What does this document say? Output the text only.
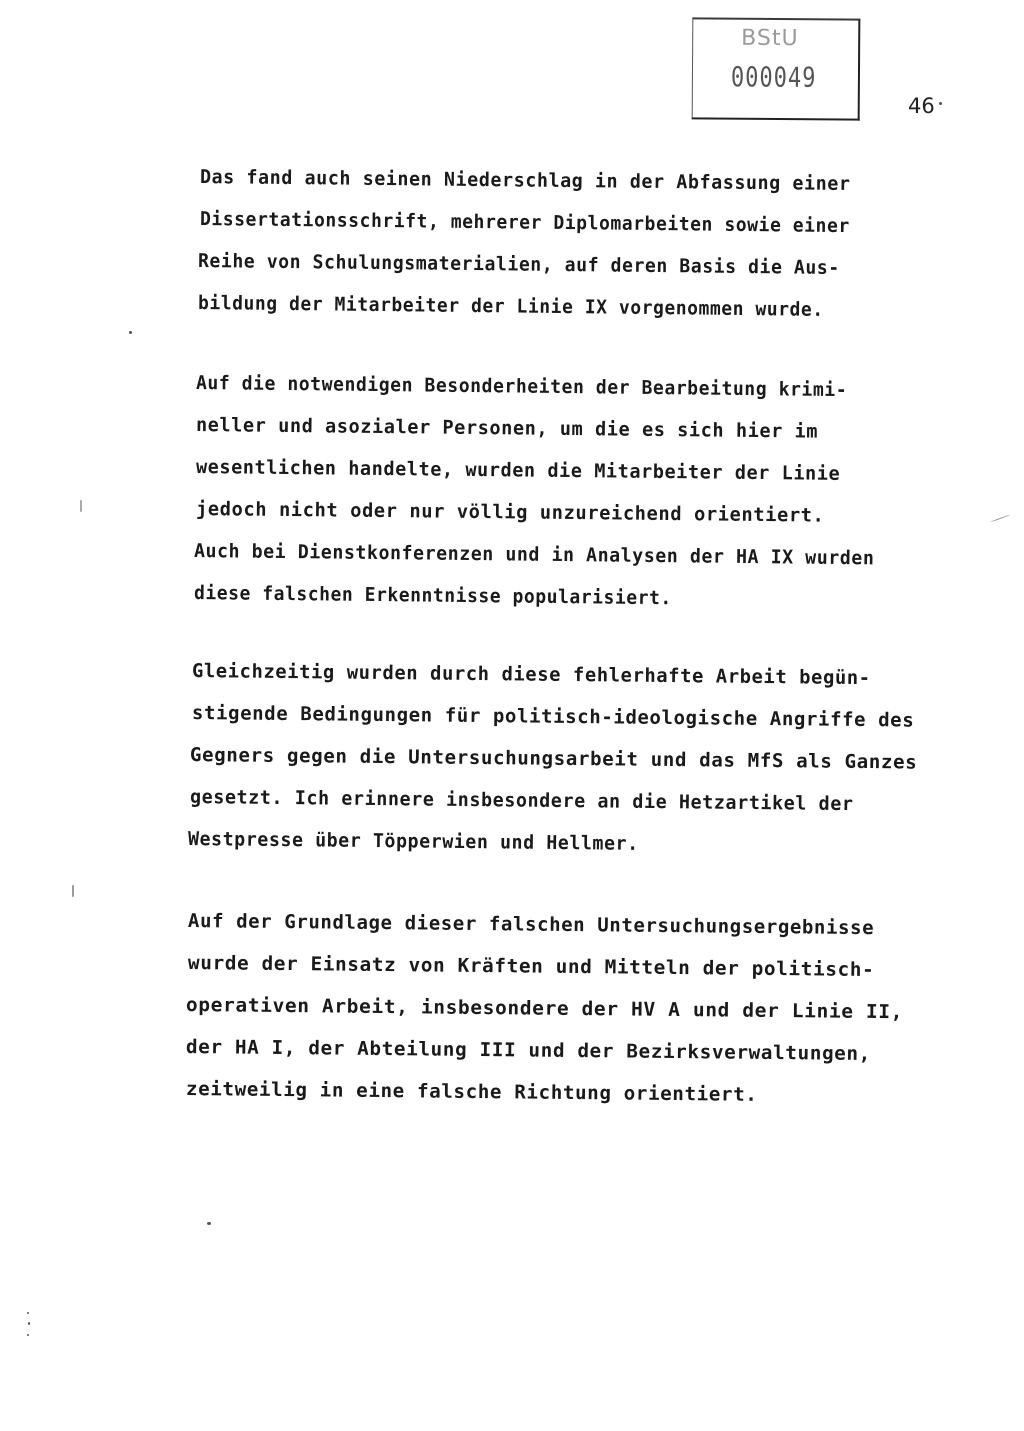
BStU
000049
46
Das fand auch seinen Niederschlag in der Abfassung einer
Dissertationsschrift, mehrerer Diplomarbeiten sowie einer
Reihe von Schulungsmaterialien, auf deren Basis die Aus-
bildung der Mitarbeiter der Linie IX vorgenommen wurde.
Auf die notwendigen Besonderheiten der Bearbeitung krimi-
neller und asozialer Personen, um die es sich hier im
wesentlichen handelte, wurden die Mitarbeiter der Linie
jedoch nicht oder nur völlig unzureichend orientiert.
Auch bei Dienstkonferenzen und in Analysen der HA IX wurden
diese falschen Erkenntnisse popularisiert.
Gleichzeitig wurden durch diese fehlerhafte Arbeit begün-
stigende Bedingungen für politisch-ideologische Angriffe des
Gegners gegen die Untersuchungsarbeit und das MfS als Ganzes
gesetzt. Ich erinnere insbesondere an die Hetzartikel der
Westpresse über Töpperwien und Hellmer.
Auf der Grundlage dieser falschen Untersuchungsergebnisse
wurde der Einsatz von Kräften und Mitteln der politisch-
operativen Arbeit, insbesondere der HV A und der Linie II,
der HA I, der Abteilung III und der Bezirksverwaltungen,
zeitweilig in eine falsche Richtung orientiert.
